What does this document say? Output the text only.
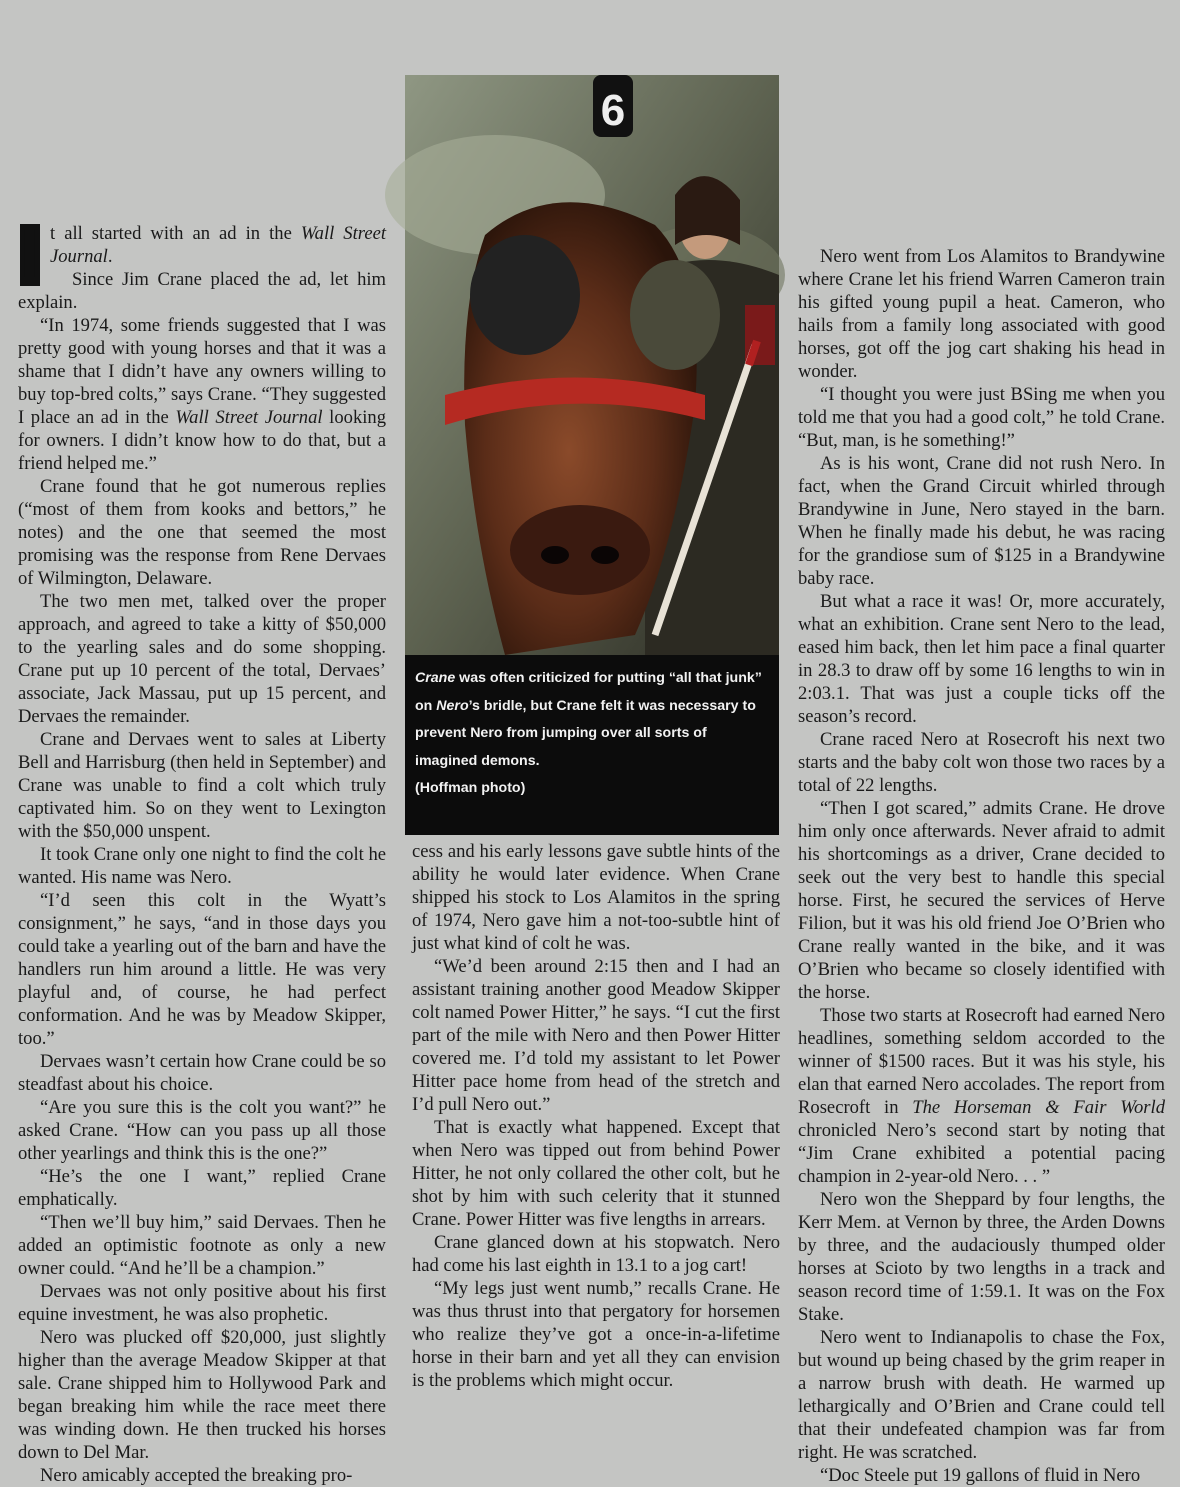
I t all started with an ad in the Wall Street Journal.

Since Jim Crane placed the ad, let him explain.

“In 1974, some friends suggested that I was pretty good with young horses and that it was a shame that I didn’t have any owners willing to buy top-bred colts,” says Crane. “They suggested I place an ad in the Wall Street Journal looking for owners. I didn’t know how to do that, but a friend helped me.”

Crane found that he got numerous replies (“most of them from kooks and bettors,” he notes) and the one that seemed the most promising was the response from Rene Dervaes of Wilmington, Delaware.

The two men met, talked over the proper approach, and agreed to take a kitty of $50,000 to the yearling sales and do some shopping. Crane put up 10 percent of the total, Dervaes’ associate, Jack Massau, put up 15 percent, and Dervaes the remainder.

Crane and Dervaes went to sales at Liberty Bell and Harrisburg (then held in September) and Crane was unable to find a colt which truly captivated him. So on they went to Lexington with the $50,000 unspent.

It took Crane only one night to find the colt he wanted. His name was Nero.

“I’d seen this colt in the Wyatt’s consignment,” he says, “and in those days you could take a yearling out of the barn and have the handlers run him around a little. He was very playful and, of course, he had perfect conformation. And he was by Meadow Skipper, too.”

Dervaes wasn’t certain how Crane could be so steadfast about his choice.

“Are you sure this is the colt you want?” he asked Crane. “How can you pass up all those other yearlings and think this is the one?”

“He’s the one I want,” replied Crane emphatically.

“Then we’ll buy him,” said Dervaes. Then he added an optimistic footnote as only a new owner could. “And he’ll be a champion.”

Dervaes was not only positive about his first equine investment, he was also prophetic.

Nero was plucked off $20,000, just slightly higher than the average Meadow Skipper at that sale. Crane shipped him to Hollywood Park and began breaking him while the race meet there was winding down. He then trucked his horses down to Del Mar.

Nero amicably accepted the breaking pro-

6
Crane was often criticized for putting “all that junk” on Nero’s bridle, but Crane felt it was necessary to prevent Nero from jumping over all sorts of imagined demons.
(Hoffman photo)

cess and his early lessons gave subtle hints of the ability he would later evidence. When Crane shipped his stock to Los Alamitos in the spring of 1974, Nero gave him a not-too-subtle hint of just what kind of colt he was.

“We’d been around 2:15 then and I had an assistant training another good Meadow Skipper colt named Power Hitter,” he says. “I cut the first part of the mile with Nero and then Power Hitter covered me. I’d told my assistant to let Power Hitter pace home from head of the stretch and I’d pull Nero out.”

That is exactly what happened. Except that when Nero was tipped out from behind Power Hitter, he not only collared the other colt, but he shot by him with such celerity that it stunned Crane. Power Hitter was five lengths in arrears.

Crane glanced down at his stopwatch. Nero had come his last eighth in 13.1 to a jog cart!

“My legs just went numb,” recalls Crane. He was thus thrust into that pergatory for horsemen who realize they’ve got a once-in-a-lifetime horse in their barn and yet all they can envision is the problems which might occur.

Nero went from Los Alamitos to Brandywine where Crane let his friend Warren Cameron train his gifted young pupil a heat. Cameron, who hails from a family long associated with good horses, got off the jog cart shaking his head in wonder.

“I thought you were just BSing me when you told me that you had a good colt,” he told Crane. “But, man, is he something!”

As is his wont, Crane did not rush Nero. In fact, when the Grand Circuit whirled through Brandywine in June, Nero stayed in the barn. When he finally made his debut, he was racing for the grandiose sum of $125 in a Brandywine baby race.

But what a race it was! Or, more accurately, what an exhibition. Crane sent Nero to the lead, eased him back, then let him pace a final quarter in 28.3 to draw off by some 16 lengths to win in 2:03.1. That was just a couple ticks off the season’s record.

Crane raced Nero at Rosecroft his next two starts and the baby colt won those two races by a total of 22 lengths.

“Then I got scared,” admits Crane. He drove him only once afterwards. Never afraid to admit his shortcomings as a driver, Crane decided to seek out the very best to handle this special horse. First, he secured the services of Herve Filion, but it was his old friend Joe O’Brien who Crane really wanted in the bike, and it was O’Brien who became so closely identified with the horse.

Those two starts at Rosecroft had earned Nero headlines, something seldom accorded to the winner of $1500 races. But it was his style, his elan that earned Nero accolades. The report from Rosecroft in The Horseman & Fair World chronicled Nero’s second start by noting that “Jim Crane exhibited a potential pacing champion in 2-year-old Nero. . . ”

Nero won the Sheppard by four lengths, the Kerr Mem. at Vernon by three, the Arden Downs by three, and the audaciously thumped older horses at Scioto by two lengths in a track and season record time of 1:59.1. It was on the Fox Stake.

Nero went to Indianapolis to chase the Fox, but wound up being chased by the grim reaper in a narrow brush with death. He warmed up lethargically and O’Brien and Crane could tell that their undefeated champion was far from right. He was scratched.

“Doc Steele put 19 gallons of fluid in Nero
